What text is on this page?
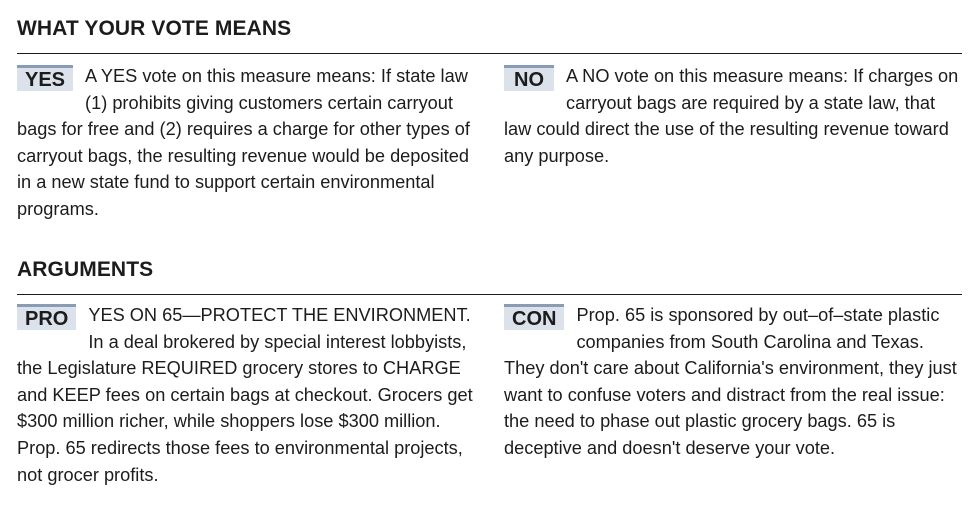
WHAT YOUR VOTE MEANS
YES	A YES vote on this measure means: If state law (1) prohibits giving customers certain carryout bags for free and (2) requires a charge for other types of carryout bags, the resulting revenue would be deposited in a new state fund to support certain environmental programs.
NO	A NO vote on this measure means: If charges on carryout bags are required by a state law, that law could direct the use of the resulting revenue toward any purpose.
ARGUMENTS
PRO	YES ON 65—PROTECT THE ENVIRONMENT. In a deal brokered by special interest lobbyists, the Legislature REQUIRED grocery stores to CHARGE and KEEP fees on certain bags at checkout. Grocers get $300 million richer, while shoppers lose $300 million. Prop. 65 redirects those fees to environmental projects, not grocer profits.
CON	Prop. 65 is sponsored by out–of–state plastic companies from South Carolina and Texas. They don't care about California's environment, they just want to confuse voters and distract from the real issue: the need to phase out plastic grocery bags. 65 is deceptive and doesn't deserve your vote.
